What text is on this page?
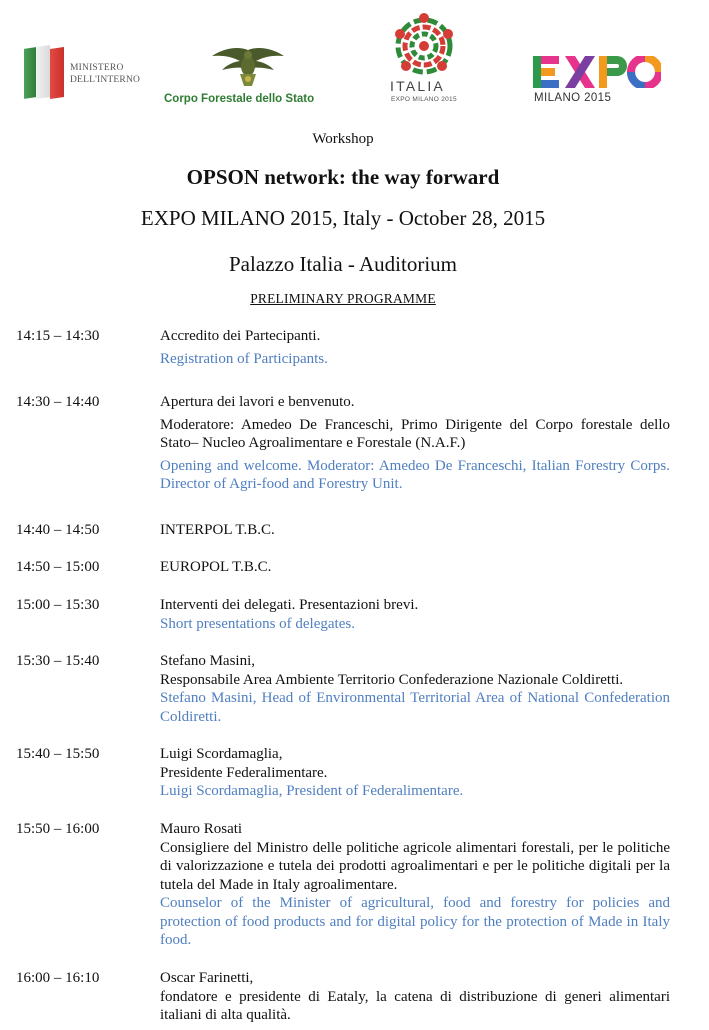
MINISTERO
DELL'INTERNO
Corpo Forestale dello Stato
ITALIA
EXPO MILANO 2015	MILANO 2015
Workshop
OPSON network: the way forward
EXPO MILANO 2015, Italy - October 28, 2015
Palazzo Italia - Auditorium
PRELIMINARY PROGRAMME
14:15 – 14:30	Accredito dei Partecipanti.

Registration of Participants.

14:30 – 14:40	Apertura dei lavori e benvenuto.

Moderatore: Amedeo De Franceschi, Primo Dirigente del Corpo forestale dello Stato– Nucleo Agroalimentare e Forestale (N.A.F.)

Opening and welcome. Moderator: Amedeo De Franceschi, Italian Forestry Corps. Director of Agri-food and Forestry Unit.

14:40 – 14:50	INTERPOL T.B.C.

14:50 – 15:00	EUROPOL T.B.C.

15:00 – 15:30	Interventi dei delegati. Presentazioni brevi.

Short presentations of delegates.

15:30 – 15:40	Stefano Masini,

Responsabile Area Ambiente Territorio Confederazione Nazionale Coldiretti.

Stefano Masini, Head of Environmental Territorial Area of National Confederation Coldiretti.

15:40 – 15:50	Luigi Scordamaglia,

Presidente Federalimentare.

Luigi Scordamaglia, President of Federalimentare.

15:50 – 16:00	Mauro Rosati

Consigliere del Ministro delle politiche agricole alimentari forestali, per le politiche di valorizzazione e tutela dei prodotti agroalimentari e per le politiche digitali per la tutela del Made in Italy agroalimentare.

Counselor of the Minister of agricultural, food and forestry for policies and protection of food products and for digital policy for the protection of Made in Italy food.

16:00 – 16:10	Oscar Farinetti,

fondatore e presidente di Eataly, la catena di distribuzione di generi alimentari italiani di alta qualità.
